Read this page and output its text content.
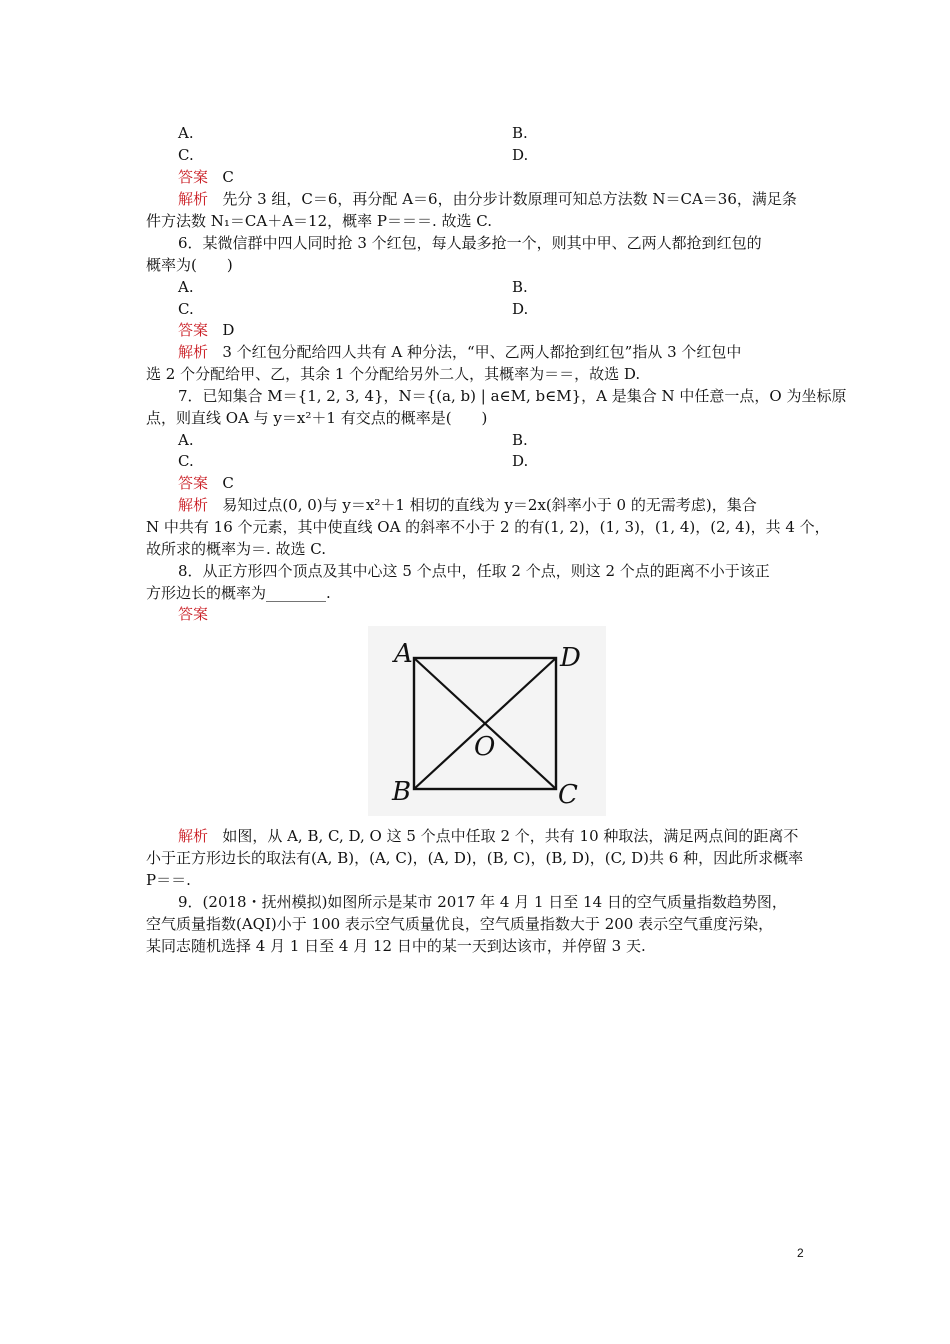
A.	B.
C.	D.
答案 C
解析 先分 3 组，C＝6，再分配 A＝6，由分步计数原理可知总方法数 N＝CA＝36，满足条
件方法数 N₁＝CA＋A＝12，概率 P＝＝＝. 故选 C.
6．某微信群中四人同时抢 3 个红包，每人最多抢一个，则其中甲、乙两人都抢到红包的
概率为(　　)
A.	B.
C.	D.
答案 D
解析 3 个红包分配给四人共有 A 种分法，“甲、乙两人都抢到红包”指从 3 个红包中
选 2 个分配给甲、乙，其余 1 个分配给另外二人，其概率为＝＝，故选 D.
7．已知集合 M＝{1, 2, 3, 4}，N＝{(a, b) | a∈M, b∈M}，A 是集合 N 中任意一点，O 为坐标原
点，则直线 OA 与 y＝x²＋1 有交点的概率是(　　)
A.	B.
C.	D.
答案 C
解析 易知过点(0, 0)与 y＝x²＋1 相切的直线为 y＝2x(斜率小于 0 的无需考虑)，集合
N 中共有 16 个元素，其中使直线 OA 的斜率不小于 2 的有(1, 2)，(1, 3)，(1, 4)，(2, 4)，共 4 个，
故所求的概率为＝. 故选 C.
8．从正方形四个顶点及其中心这 5 个点中，任取 2 个点，则这 2 个点的距离不小于该正
方形边长的概率为________.
答案
A	D
B	C
O
解析 如图，从 A, B, C, D, O 这 5 个点中任取 2 个，共有 10 种取法，满足两点间的距离不
小于正方形边长的取法有(A, B)，(A, C)，(A, D)，(B, C)，(B, D)，(C, D)共 6 种，因此所求概率
P＝＝.
9．(2018・抚州模拟)如图所示是某市 2017 年 4 月 1 日至 14 日的空气质量指数趋势图，
空气质量指数(AQI)小于 100 表示空气质量优良，空气质量指数大于 200 表示空气重度污染，
某同志随机选择 4 月 1 日至 4 月 12 日中的某一天到达该市，并停留 3 天.
2
